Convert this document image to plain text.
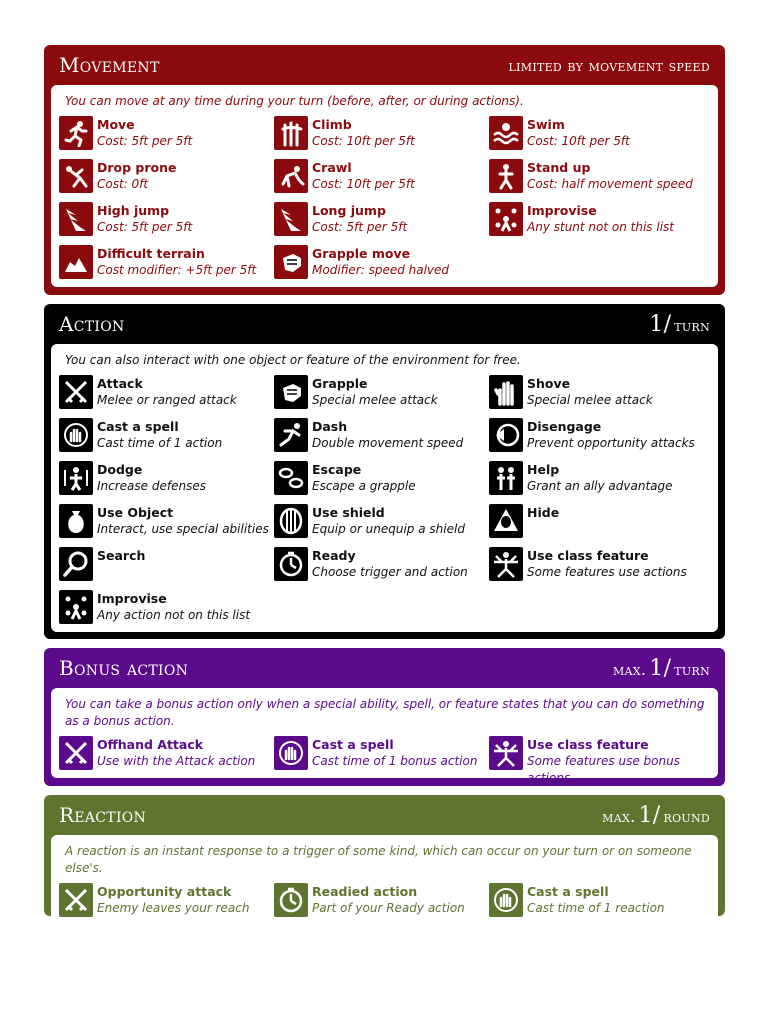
Movement	limited by movement speed
You can move at any time during your turn (before, after, or during actions).
Move
Cost: 5ft per 5ft
Climb
Cost: 10ft per 5ft
Swim
Cost: 10ft per 5ft
Drop prone
Cost: 0ft
Crawl
Cost: 10ft per 5ft
Stand up
Cost: half movement speed
High jump
Cost: 5ft per 5ft
Long jump
Cost: 5ft per 5ft
Improvise
Any stunt not on this list
Difficult terrain
Cost modifier: +5ft per 5ft
Grapple move
Modifier: speed halved
Action	1/ turn
You can also interact with one object or feature of the environment for free.
Attack
Melee or ranged attack
Grapple
Special melee attack
Shove
Special melee attack
Cast a spell
Cast time of 1 action
Dash
Double movement speed
Disengage
Prevent opportunity attacks
Dodge
Increase defenses
Escape
Escape a grapple
Help
Grant an ally advantage
Use Object
Interact, use special abilities
Use shield
Equip or unequip a shield
Hide
Search	Ready
Choose trigger and action
Use class feature
Some features use actions
Improvise
Any action not on this list
Bonus action	max. 1/ turn
You can take a bonus action only when a special ability, spell, or feature states that you can do something as a bonus action.
Offhand Attack
Use with the Attack action
Cast a spell
Cast time of 1 bonus action
Use class feature
Some features use bonus actions
Reaction	max. 1/ round
A reaction is an instant response to a trigger of some kind, which can occur on your turn or on someone else's.
Opportunity attack
Enemy leaves your reach
Readied action
Part of your Ready action
Cast a spell
Cast time of 1 reaction
